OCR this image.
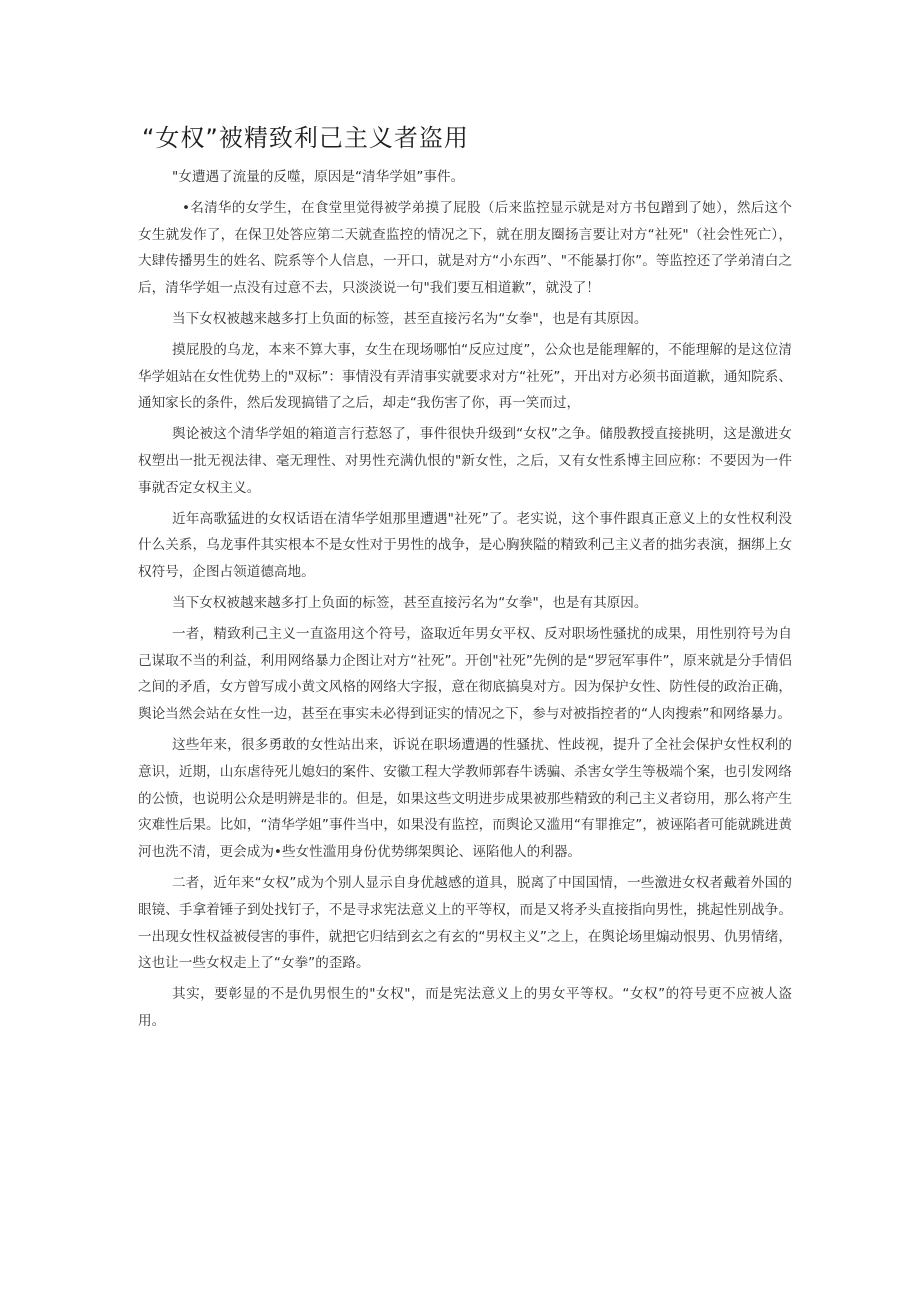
“女权”被精致利己主义者盗用

"女遭遇了流量的反噬，原因是“清华学姐”事件。

•名清华的女学生，在食堂里觉得被学弟摸了屁股（后来监控显示就是对方书包蹭到了她），然后这个女生就发作了，在保卫处答应第二天就查监控的情况之下，就在朋友圈扬言要让对方“社死"（社会性死亡），大肆传播男生的姓名、院系等个人信息，一开口，就是对方“小东西”、"不能暴打你”。等监控还了学弟清白之后，清华学姐一点没有过意不去，只淡淡说一句"我们要互相道歉”，就没了！

当下女权被越来越多打上负面的标签，甚至直接污名为“女拳"，也是有其原因。

摸屁股的乌龙，本来不算大事，女生在现场哪怕“反应过度”，公众也是能理解的，不能理解的是这位清华学姐站在女性优势上的"双标”：事情没有弄清事实就要求对方“社死”，开出对方必须书面道歉，通知院系、通知家长的条件，然后发现搞错了之后，却走“我伤害了你，再一笑而过，

舆论被这个清华学姐的箱道言行惹怒了，事件很快升级到“女权”之争。储殷教授直接挑明，这是激进女权塑出一批无视法律、毫无理性、对男性充满仇恨的"新女性，之后，又有女性系博主回应称：不要因为一件事就否定女权主义。

近年高歌猛进的女权话语在清华学姐那里遭遇"社死”了。老实说，这个事件跟真正意义上的女性权利没什么关系，乌龙事件其实根本不是女性对于男性的战争，是心胸狭隘的精致利己主义者的拙劣表演，捆绑上女权符号，企图占领道德高地。

当下女权被越来越多打上负面的标签，甚至直接污名为“女拳"，也是有其原因。

一者，精致利己主义一直盗用这个符号，盗取近年男女平权、反对职场性骚扰的成果，用性别符号为自己谋取不当的利益，利用网络暴力企图让对方“社死”。开创"社死”先例的是“罗冠军事件”，原来就是分手情侣之间的矛盾，女方曾写成小黄文风格的网络大字报，意在彻底搞臭对方。因为保护女性、防性侵的政治正确，舆论当然会站在女性一边，甚至在事实未必得到证实的情况之下，参与对被指控者的“人肉搜索”和网络暴力。

这些年来，很多勇敢的女性站出来，诉说在职场遭遇的性骚扰、性歧视，提升了全社会保护女性权利的意识，近期，山东虐待死儿媳妇的案件、安徽工程大学教师郭春牛诱骗、杀害女学生等极端个案，也引发网络的公愤，也说明公众是明辨是非的。但是，如果这些文明进步成果被那些精致的利己主义者窃用，那么将产生灾难性后果。比如，“清华学姐”事件当中，如果没有监控，而舆论又滥用“有罪推定”，被诬陷者可能就跳进黄河也洗不清，更会成为•些女性滥用身份优势绑架舆论、诬陷他人的利器。

二者，近年来“女权”成为个别人显示自身优越感的道具，脱离了中国国情，一些激进女权者戴着外国的眼镜、手拿着锤子到处找钉子，不是寻求宪法意义上的平等权，而是又将矛头直接指向男性，挑起性别战争。一出现女性权益被侵害的事件，就把它归结到玄之有玄的“男权主义”之上，在舆论场里煽动恨男、仇男情绪，这也让一些女权走上了“女拳”的歪路。

其实，要彰显的不是仇男恨生的"女权"，而是宪法意义上的男女平等权。“女权”的符号更不应被人盗用。
